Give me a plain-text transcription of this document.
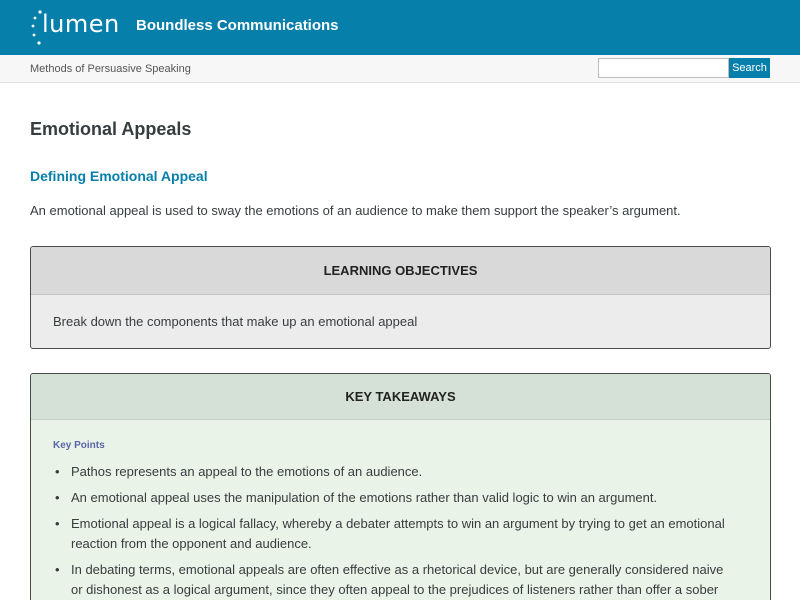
lumen Boundless Communications
Methods of Persuasive Speaking	Search
Emotional Appeals
Defining Emotional Appeal

An emotional appeal is used to sway the emotions of an audience to make them support the speaker’s argument.

LEARNING OBJECTIVES
Break down the components that make up an emotional appeal
KEY TAKEAWAYS
Key Points
• Pathos represents an appeal to the emotions of an audience.
• An emotional appeal uses the manipulation of the emotions rather than valid logic to win an argument.
• Emotional appeal is a logical fallacy, whereby a debater attempts to win an argument by trying to get an emotional reaction from the opponent and audience.
• In debating terms, emotional appeals are often effective as a rhetorical device, but are generally considered naive or dishonest as a logical argument, since they often appeal to the prejudices of listeners rather than offer a sober
